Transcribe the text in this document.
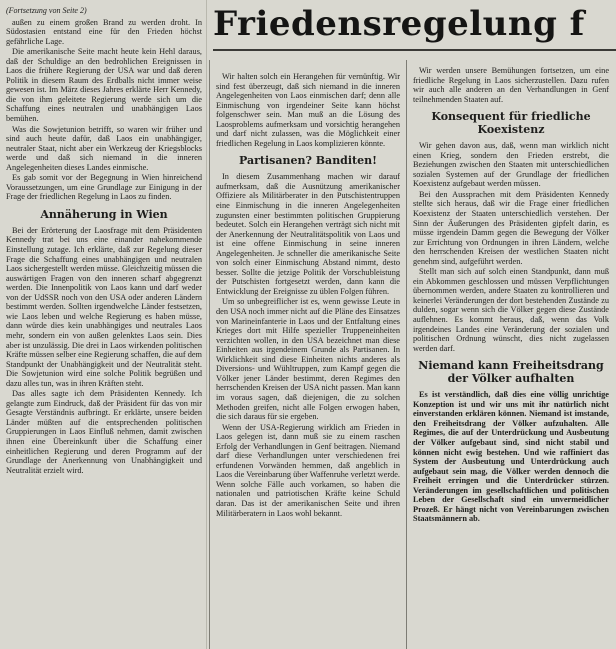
Friedensregelung f
(Fortsetzung von Seite 2)

außen zu einem großen Brand zu werden droht. In Südostasien entstand eine für den Frieden höchst gefährliche Lage.

Die amerikanische Seite macht heute kein Hehl daraus, daß der Schuldige an den bedrohlichen Ereignissen in Laos die frühere Regierung der USA war und daß deren Politik in diesem Raum des Erdballs nicht immer weise gewesen ist. Im März dieses Jahres erklärte Herr Kennedy, die von ihm geleitete Regierung werde sich um die Schaffung eines neutralen und unabhängigen Laos bemühen.

Was die Sowjetunion betrifft, so waren wir früher und sind auch heute dafür, daß Laos ein unabhängiger, neutraler Staat, nicht aber ein Werkzeug der Kriegsblocks werde und daß sich niemand in die inneren Angelegenheiten dieses Landes einmische.

Es gab somit vor der Begegnung in Wien hinreichend Voraussetzungen, um eine Grundlage zur Einigung in der Frage der friedlichen Regelung in Laos zu finden.

Annäherung in Wien

Bei der Erörterung der Laosfrage mit dem Präsidenten Kennedy trat bei uns eine einander nahekommende Einstellung zutage. Ich erklärte, daß zur Regelung dieser Frage die Schaffung eines unabhängigen und neutralen Laos sichergestellt werden müsse. Gleichzeitig müssen die auswärtigen Fragen von den inneren scharf abgegrenzt werden. Die Innenpolitik von Laos kann und darf weder von der UdSSR noch von den USA oder anderen Ländern bestimmt werden. Sollten irgendwelche Länder festsetzen, wie Laos leben und welche Regierung es haben müsse, dann würde dies kein unabhängiges und neutrales Laos mehr, sondern ein von außen gelenktes Laos sein. Dies aber ist unzulässig. Die drei in Laos wirkenden politischen Kräfte müssen selber eine Regierung schaffen, die auf dem Standpunkt der Unabhängigkeit und der Neutralität steht. Die Sowjetunion wird eine solche Politik begrüßen und dazu alles tun, was in ihren Kräften steht.

Das alles sagte ich dem Präsidenten Kennedy. Ich gelangte zum Eindruck, daß der Präsident für das von mir Gesagte Verständnis aufbringt. Er erklärte, unsere beiden Länder müßten auf die entsprechenden politischen Gruppierungen in Laos Einfluß nehmen, damit zwischen ihnen eine Übereinkunft über die Schaffung einer einheitlichen Regierung und deren Programm auf der Grundlage der Anerkennung von Unabhängigkeit und Neutralität erzielt wird.

Wir halten solch ein Herangehen für vernünftig. Wir sind fest überzeugt, daß sich niemand in die inneren Angelegenheiten von Laos einmischen darf; denn alle Einmischung von irgendeiner Seite kann höchst folgenschwer sein. Man muß an die Lösung des Laosproblems aufmerksam und vorsichtig herangehen und darf nicht zulassen, was die Möglichkeit einer friedlichen Regelung in Laos komplizieren könnte.

Partisanen? Banditen!

In diesem Zusammenhang machen wir darauf aufmerksam, daß die Ausnützung amerikanischer Offiziere als Militärberater in den Putschistentruppen eine Einmischung in die inneren Angelegenheiten zugunsten einer bestimmten politischen Gruppierung bedeutet. Solch ein Herangehen verträgt sich nicht mit der Anerkennung der Neutralitätspolitik von Laos und ist eine offene Einmischung in seine inneren Angelegenheiten. Je schneller die amerikanische Seite von solch einer Einmischung Abstand nimmt, desto besser. Sollte die jetzige Politik der Vorschubleistung der Putschisten fortgesetzt werden, dann kann die Entwicklung der Ereignisse zu üblen Folgen führen.

Um so unbegreiflicher ist es, wenn gewisse Leute in den USA noch immer nicht auf die Pläne des Einsatzes von Marineinfanterie in Laos und der Entfaltung eines Krieges dort mit Hilfe spezieller Truppeneinheiten verzichten wollen, in den USA bezeichnet man diese Einheiten aus irgendeinem Grunde als Partisanen. In Wirklichkeit sind diese Einheiten nichts anderes als Diversions- und Wühltruppen, zum Kampf gegen die Völker jener Länder bestimmt, deren Regimes den herrschenden Kreisen der USA nicht passen. Man kann im voraus sagen, daß diejenigen, die zu solchen Methoden greifen, nicht alle Folgen erwogen haben, die sich daraus für sie ergeben.

Wenn der USA-Regierung wirklich am Frieden in Laos gelegen ist, dann muß sie zu einem raschen Erfolg der Verhandlungen in Genf beitragen. Niemand darf diese Verhandlungen unter verschiedenen frei erfundenen Vorwänden hemmen, daß angeblich in Laos die Vereinbarung über Waffenruhe verletzt werde. Wenn solche Fälle auch vorkamen, so haben die nationalen und patriotischen Kräfte keine Schuld daran. Das ist der amerikanischen Seite und ihren Militärberatern in Laos wohl bekannt.

Wir werden unsere Bemühungen fortsetzen, um eine friedliche Regelung in Laos sicherzustellen. Dazu rufen wir auch alle anderen an den Verhandlungen in Genf teilnehmenden Staaten auf.

Konsequent für friedliche Koexistenz

Wir gehen davon aus, daß, wenn man wirklich nicht einen Krieg, sondern den Frieden erstrebt, die Beziehungen zwischen den Staaten mit unterschiedlichen sozialen Systemen auf der Grundlage der friedlichen Koexistenz aufgebaut werden müssen.

Bei den Aussprachen mit dem Präsidenten Kennedy stellte sich heraus, daß wir die Frage einer friedlichen Koexistenz der Staaten unterschiedlich verstehen. Der Sinn der Äußerungen des Präsidenten gipfelt darin, es müsse irgendein Damm gegen die Bewegung der Völker zur Errichtung von Ordnungen in ihren Ländern, welche den herrschenden Kreisen der westlichen Staaten nicht genehm sind, aufgeführt werden.

Stellt man sich auf solch einen Standpunkt, dann muß ein Abkommen geschlossen und müssen Verpflichtungen übernommen werden, andere Staaten zu kontrollieren und keinerlei Veränderungen der dort bestehenden Zustände zu dulden, sogar wenn sich die Völker gegen diese Zustände auflehnen. Es kommt heraus, daß, wenn das Volk irgendeines Landes eine Veränderung der sozialen und politischen Ordnung wünscht, dies nicht zugelassen werden darf.

Niemand kann Freiheitsdrang der Völker aufhalten

Es ist verständlich, daß dies eine völlig unrichtige Konzeption ist und wir uns mit ihr natürlich nicht einverstanden erklären können. Niemand ist imstande, den Freiheitsdrang der Völker aufzuhalten. Alle Regimes, die auf der Unterdrückung und Ausbeutung der Völker aufgebaut sind, sind nicht stabil und können nicht ewig bestehen. Und wie raffiniert das System der Ausbeutung und Unterdrückung auch aufgebaut sein mag, die Völker werden dennoch die Freiheit erringen und die Unterdrücker stürzen. Veränderungen im gesellschaftlichen und politischen Leben der Gesellschaft sind ein unvermeidlicher Prozeß. Er hängt nicht von Vereinbarungen zwischen Staatsmännern ab.
